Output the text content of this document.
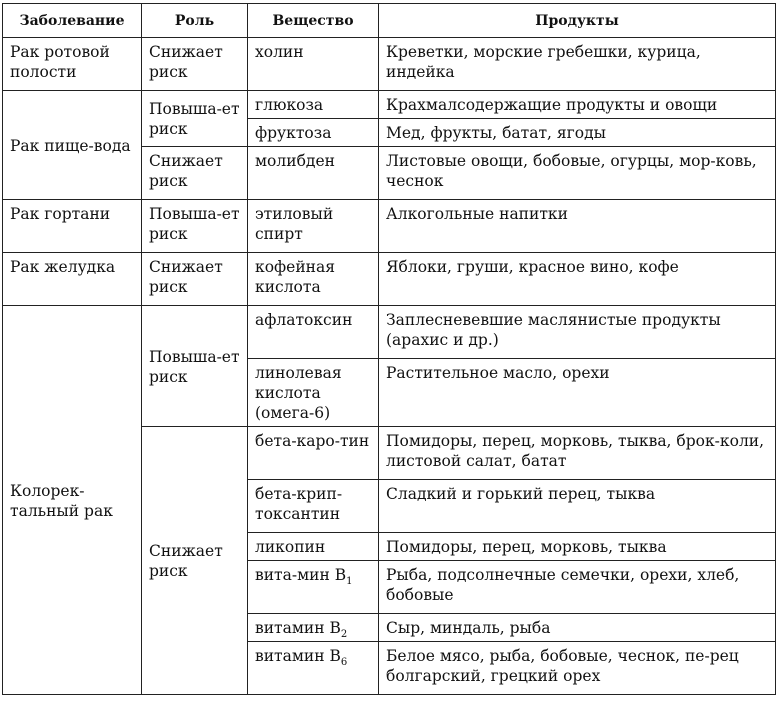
Заболевание	Роль	Вещество	Продукты
Рак ротовой полости	Снижает риск	холин	Креветки, морские гребешки, курица, индейка
Рак пище-вода	Повыша-ет риск	глюкоза	Крахмалсодержащие продукты и овощи
		фруктоза	Мед, фрукты, батат, ягоды
	Снижает риск	молибден	Листовые овощи, бобовые, огурцы, мор-ковь, чеснок
Рак гортани	Повыша-ет риск	этиловый спирт	Алкогольные напитки
Рак желудка	Снижает риск	кофейная кислота	Яблоки, груши, красное вино, кофе
Колорек-тальный рак	Повыша-ет риск	афлатоксин	Заплесневевшие маслянистые продукты (арахис и др.)
		линолевая кислота (омега-6)	Растительное масло, орехи
	Снижает риск	бета-каро-тин	Помидоры, перец, морковь, тыква, брок-коли, листовой салат, батат
		бета-крип-токсантин	Сладкий и горький перец, тыква
		ликопин	Помидоры, перец, морковь, тыква
		вита-мин $B_1$	Рыба, подсолнечные семечки, орехи, хлеб, бобовые
		витамин $B_2$	Сыр, миндаль, рыба
		витамин $B_6$	Белое мясо, рыба, бобовые, чеснок, пе-рец болгарский, грецкий орех
